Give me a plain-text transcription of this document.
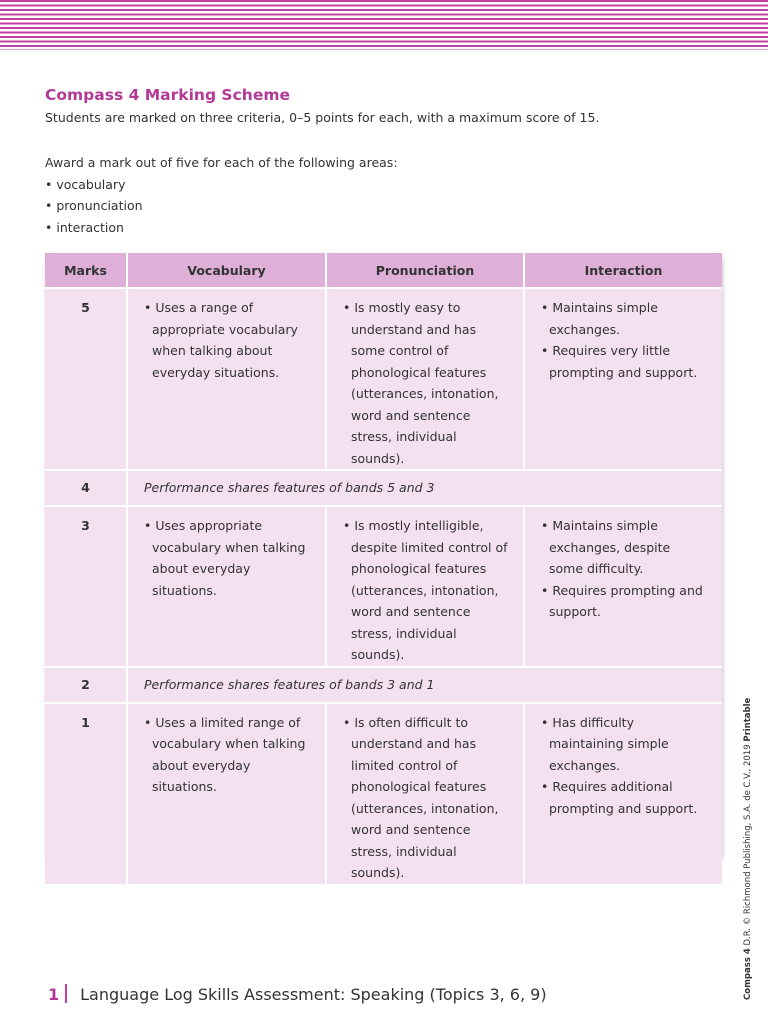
Compass 4 Marking Scheme

Students are marked on three criteria, 0–5 points for each, with a maximum score of 15.

Award a mark out of five for each of the following areas:

• vocabulary
• pronunciation
• interaction
Marks	Vocabulary	Pronunciation	Interaction
5	• Uses a range of appropriate vocabulary when talking about everyday situations.	• Is mostly easy to understand and has some control of phonological features (utterances, intonation, word and sentence stress, individual sounds).	• Maintains simple exchanges.
• Requires very little prompting and support.

4	Performance shares features of bands 5 and 3		
3	• Uses appropriate vocabulary when talking about everyday situations.	• Is mostly intelligible, despite limited control of phonological features (utterances, intonation, word and sentence stress, individual sounds).	• Maintains simple exchanges, despite some difficulty.
• Requires prompting and support.

2	Performance shares features of bands 3 and 1		
1	• Uses a limited range of vocabulary when talking about everyday situations.	• Is often difficult to understand and has limited control of phonological features (utterances, intonation, word and sentence stress, individual sounds).	• Has difficulty maintaining simple exchanges.
• Requires additional prompting and support.
Compass 4 D.R. © Richmond Publishing, S.A. de C.V., 2019 Printable
1 Language Log Skills Assessment: Speaking (Topics 3, 6, 9)
